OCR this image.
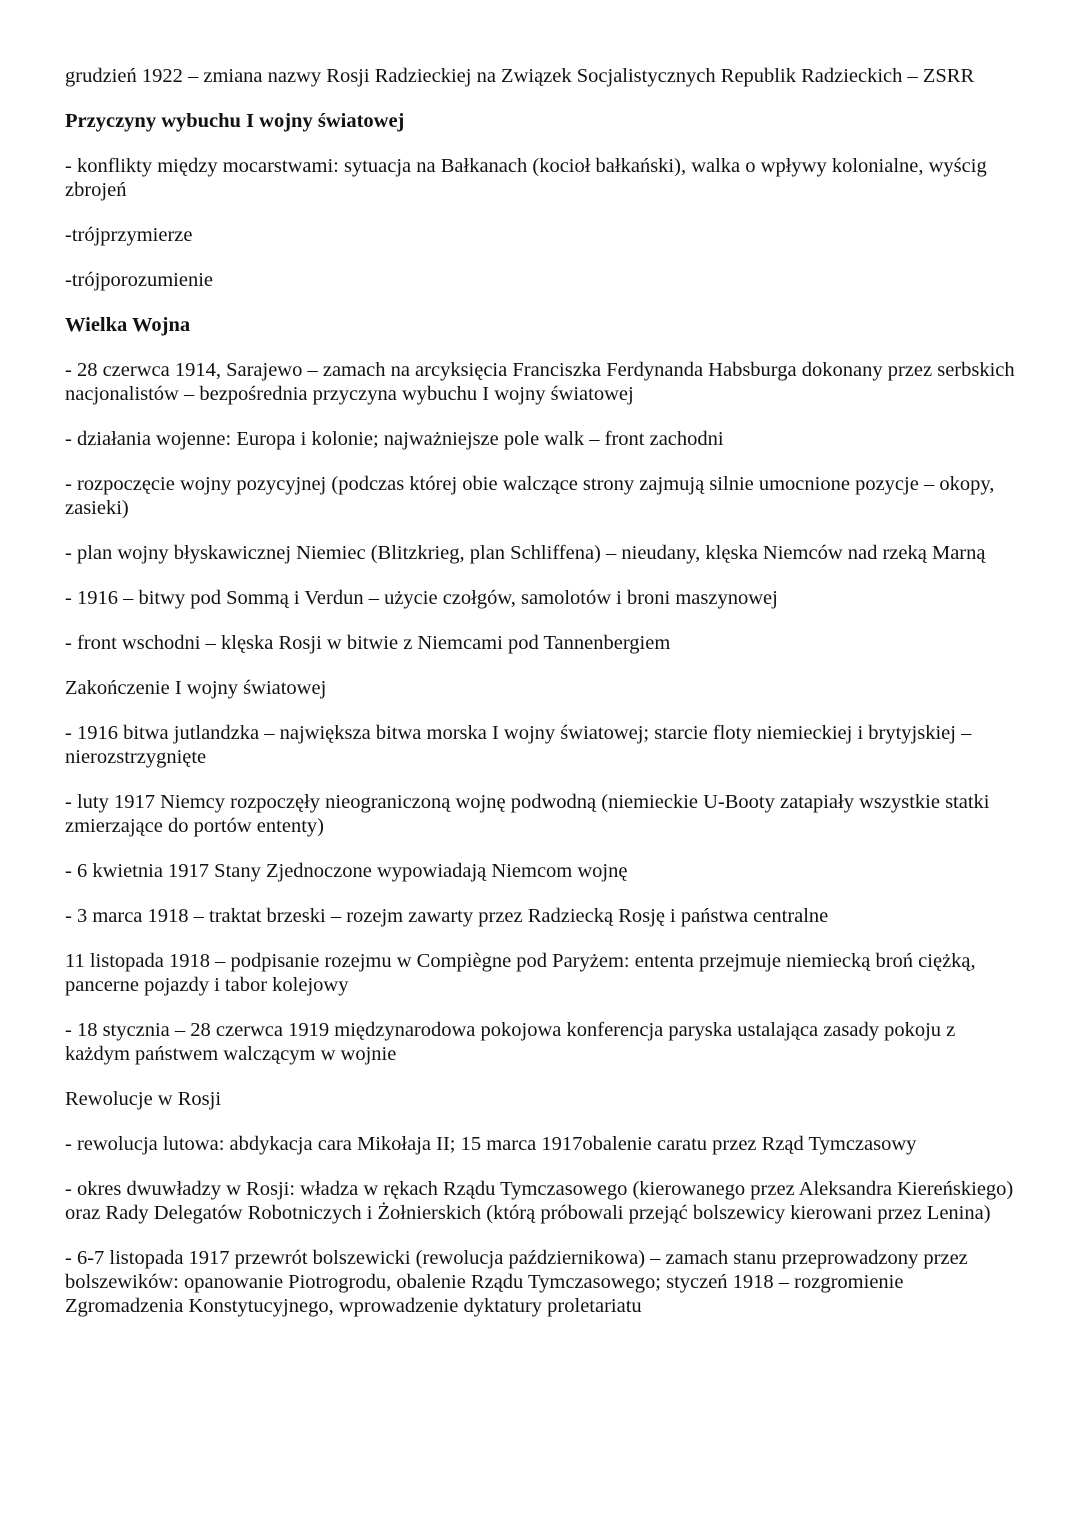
grudzień 1922 – zmiana nazwy Rosji Radzieckiej na Związek Socjalistycznych Republik Radzieckich – ZSRR

Przyczyny wybuchu I wojny światowej

- konflikty między mocarstwami: sytuacja na Bałkanach (kocioł bałkański), walka o wpływy kolonialne, wyścig zbrojeń

-trójprzymierze

-trójporozumienie

Wielka Wojna

- 28 czerwca 1914, Sarajewo – zamach na arcyksięcia Franciszka Ferdynanda Habsburga dokonany przez serbskich nacjonalistów – bezpośrednia przyczyna wybuchu I wojny światowej

- działania wojenne: Europa i kolonie; najważniejsze pole walk – front zachodni

- rozpoczęcie wojny pozycyjnej (podczas której obie walczące strony zajmują silnie umocnione pozycje – okopy, zasieki)

- plan wojny błyskawicznej Niemiec (Blitzkrieg, plan Schliffena) – nieudany, klęska Niemców nad rzeką Marną

- 1916 – bitwy pod Sommą i Verdun – użycie czołgów, samolotów i broni maszynowej

- front wschodni – klęska Rosji w bitwie z Niemcami pod Tannenbergiem

Zakończenie I wojny światowej

- 1916 bitwa jutlandzka – największa bitwa morska I wojny światowej; starcie floty niemieckiej i brytyjskiej – nierozstrzygnięte

- luty 1917 Niemcy rozpoczęły nieograniczoną wojnę podwodną (niemieckie U-Booty zatapiały wszystkie statki zmierzające do portów ententy)

- 6 kwietnia 1917 Stany Zjednoczone wypowiadają Niemcom wojnę

- 3 marca 1918 – traktat brzeski – rozejm zawarty przez Radziecką Rosję i państwa centralne

11 listopada 1918 – podpisanie rozejmu w Compiègne pod Paryżem: ententa przejmuje niemiecką broń ciężką, pancerne pojazdy i tabor kolejowy

- 18 stycznia – 28 czerwca 1919 międzynarodowa pokojowa konferencja paryska ustalająca zasady pokoju z każdym państwem walczącym w wojnie

Rewolucje w Rosji

- rewolucja lutowa: abdykacja cara Mikołaja II; 15 marca 1917obalenie caratu przez Rząd Tymczasowy

- okres dwuwładzy w Rosji: władza w rękach Rządu Tymczasowego (kierowanego przez Aleksandra Kiereńskiego) oraz Rady Delegatów Robotniczych i Żołnierskich (którą próbowali przejąć bolszewicy kierowani przez Lenina)

- 6-7 listopada 1917 przewrót bolszewicki (rewolucja październikowa) – zamach stanu przeprowadzony przez bolszewików: opanowanie Piotrogrodu, obalenie Rządu Tymczasowego; styczeń 1918 – rozgromienie Zgromadzenia Konstytucyjnego, wprowadzenie dyktatury proletariatu
